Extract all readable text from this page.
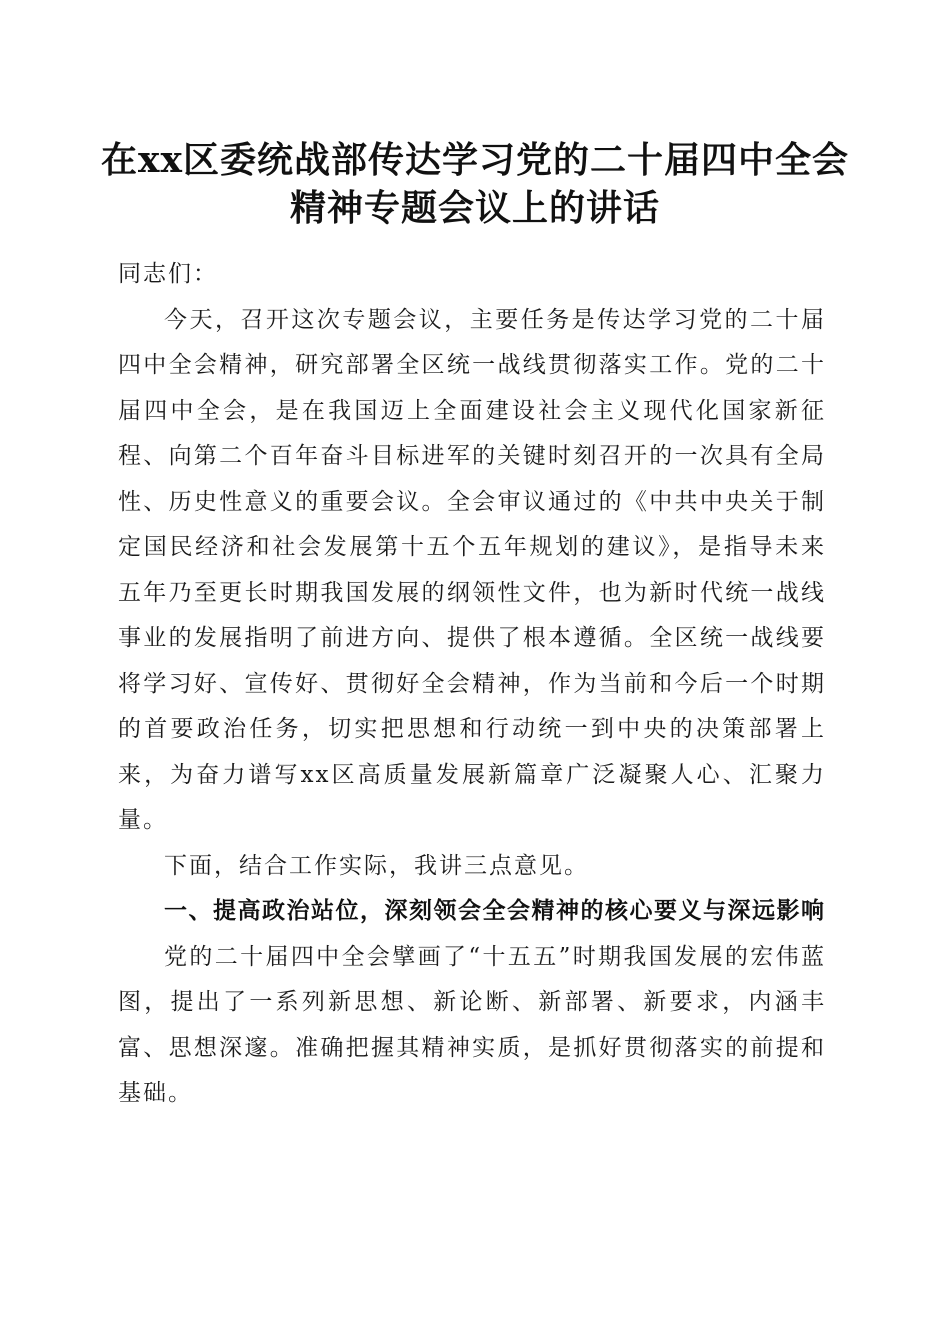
在xx区委统战部传达学习党的二十届四中全会精神专题会议上的讲话

同志们：

今天，召开这次专题会议，主要任务是传达学习党的二十届四中全会精神，研究部署全区统一战线贯彻落实工作。党的二十届四中全会，是在我国迈上全面建设社会主义现代化国家新征程、向第二个百年奋斗目标进军的关键时刻召开的一次具有全局性、历史性意义的重要会议。全会审议通过的《中共中央关于制定国民经济和社会发展第十五个五年规划的建议》，是指导未来五年乃至更长时期我国发展的纲领性文件，也为新时代统一战线事业的发展指明了前进方向、提供了根本遵循。全区统一战线要将学习好、宣传好、贯彻好全会精神，作为当前和今后一个时期的首要政治任务，切实把思想和行动统一到中央的决策部署上来，为奋力谱写xx区高质量发展新篇章广泛凝聚人心、汇聚力量。

下面，结合工作实际，我讲三点意见。

一、提高政治站位，深刻领会全会精神的核心要义与深远影响

党的二十届四中全会擘画了“十五五”时期我国发展的宏伟蓝图，提出了一系列新思想、新论断、新部署、新要求，内涵丰富、思想深邃。准确把握其精神实质，是抓好贯彻落实的前提和基础。
